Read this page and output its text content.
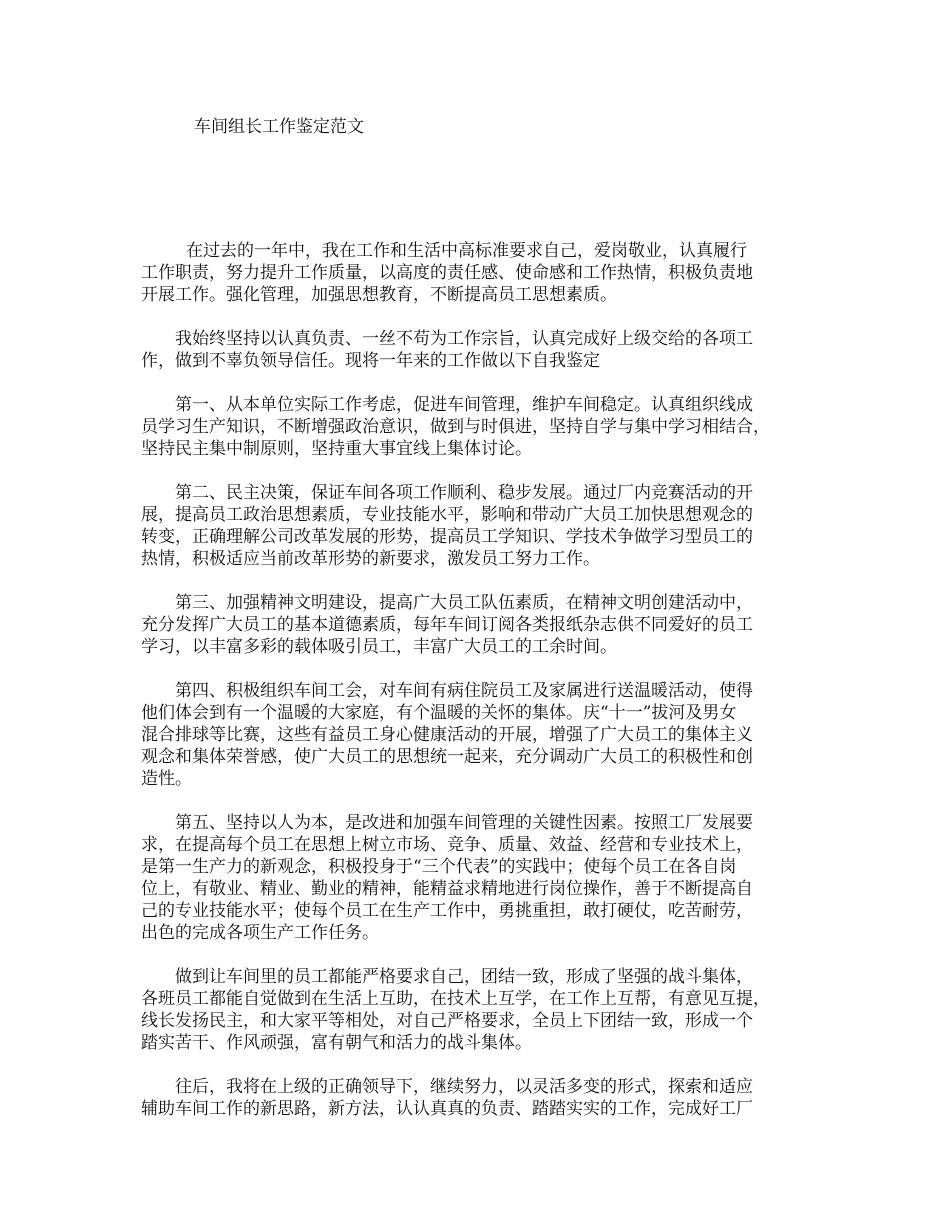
车间组长工作鉴定范文

在过去的一年中，我在工作和生活中高标准要求自己，爱岗敬业，认真履行
工作职责，努力提升工作质量，以高度的责任感、使命感和工作热情，积极负责地
开展工作。强化管理，加强思想教育，不断提高员工思想素质。

我始终坚持以认真负责、一丝不苟为工作宗旨，认真完成好上级交给的各项工
作，做到不辜负领导信任。现将一年来的工作做以下自我鉴定

第一、从本单位实际工作考虑，促进车间管理，维护车间稳定。认真组织线成
员学习生产知识，不断增强政治意识，做到与时俱进，坚持自学与集中学习相结合，
坚持民主集中制原则，坚持重大事宜线上集体讨论。

第二、民主决策，保证车间各项工作顺利、稳步发展。通过厂内竞赛活动的开
展，提高员工政治思想素质，专业技能水平，影响和带动广大员工加快思想观念的
转变，正确理解公司改革发展的形势，提高员工学知识、学技术争做学习型员工的
热情，积极适应当前改革形势的新要求，激发员工努力工作。

第三、加强精神文明建设，提高广大员工队伍素质，在精神文明创建活动中，
充分发挥广大员工的基本道德素质，每年车间订阅各类报纸杂志供不同爱好的员工
学习，以丰富多彩的载体吸引员工，丰富广大员工的工余时间。

第四、积极组织车间工会，对车间有病住院员工及家属进行送温暖活动，使得
他们体会到有一个温暖的大家庭，有个温暖的关怀的集体。庆“十一”拔河及男女
混合排球等比赛，这些有益员工身心健康活动的开展，增强了广大员工的集体主义
观念和集体荣誉感，使广大员工的思想统一起来，充分调动广大员工的积极性和创
造性。

第五、坚持以人为本，是改进和加强车间管理的关键性因素。按照工厂发展要
求，在提高每个员工在思想上树立市场、竞争、质量、效益、经营和专业技术上，
是第一生产力的新观念，积极投身于“三个代表”的实践中；使每个员工在各自岗
位上，有敬业、精业、勤业的精神，能精益求精地进行岗位操作，善于不断提高自
己的专业技能水平；使每个员工在生产工作中，勇挑重担，敢打硬仗，吃苦耐劳，
出色的完成各项生产工作任务。

做到让车间里的员工都能严格要求自己，团结一致，形成了坚强的战斗集体，
各班员工都能自觉做到在生活上互助，在技术上互学，在工作上互帮，有意见互提，
线长发扬民主，和大家平等相处，对自己严格要求，全员上下团结一致，形成一个
踏实苦干、作风顽强，富有朝气和活力的战斗集体。

往后，我将在上级的正确领导下，继续努力，以灵活多变的形式，探索和适应
辅助车间工作的新思路，新方法，认认真真的负责、踏踏实实的工作，完成好工厂
